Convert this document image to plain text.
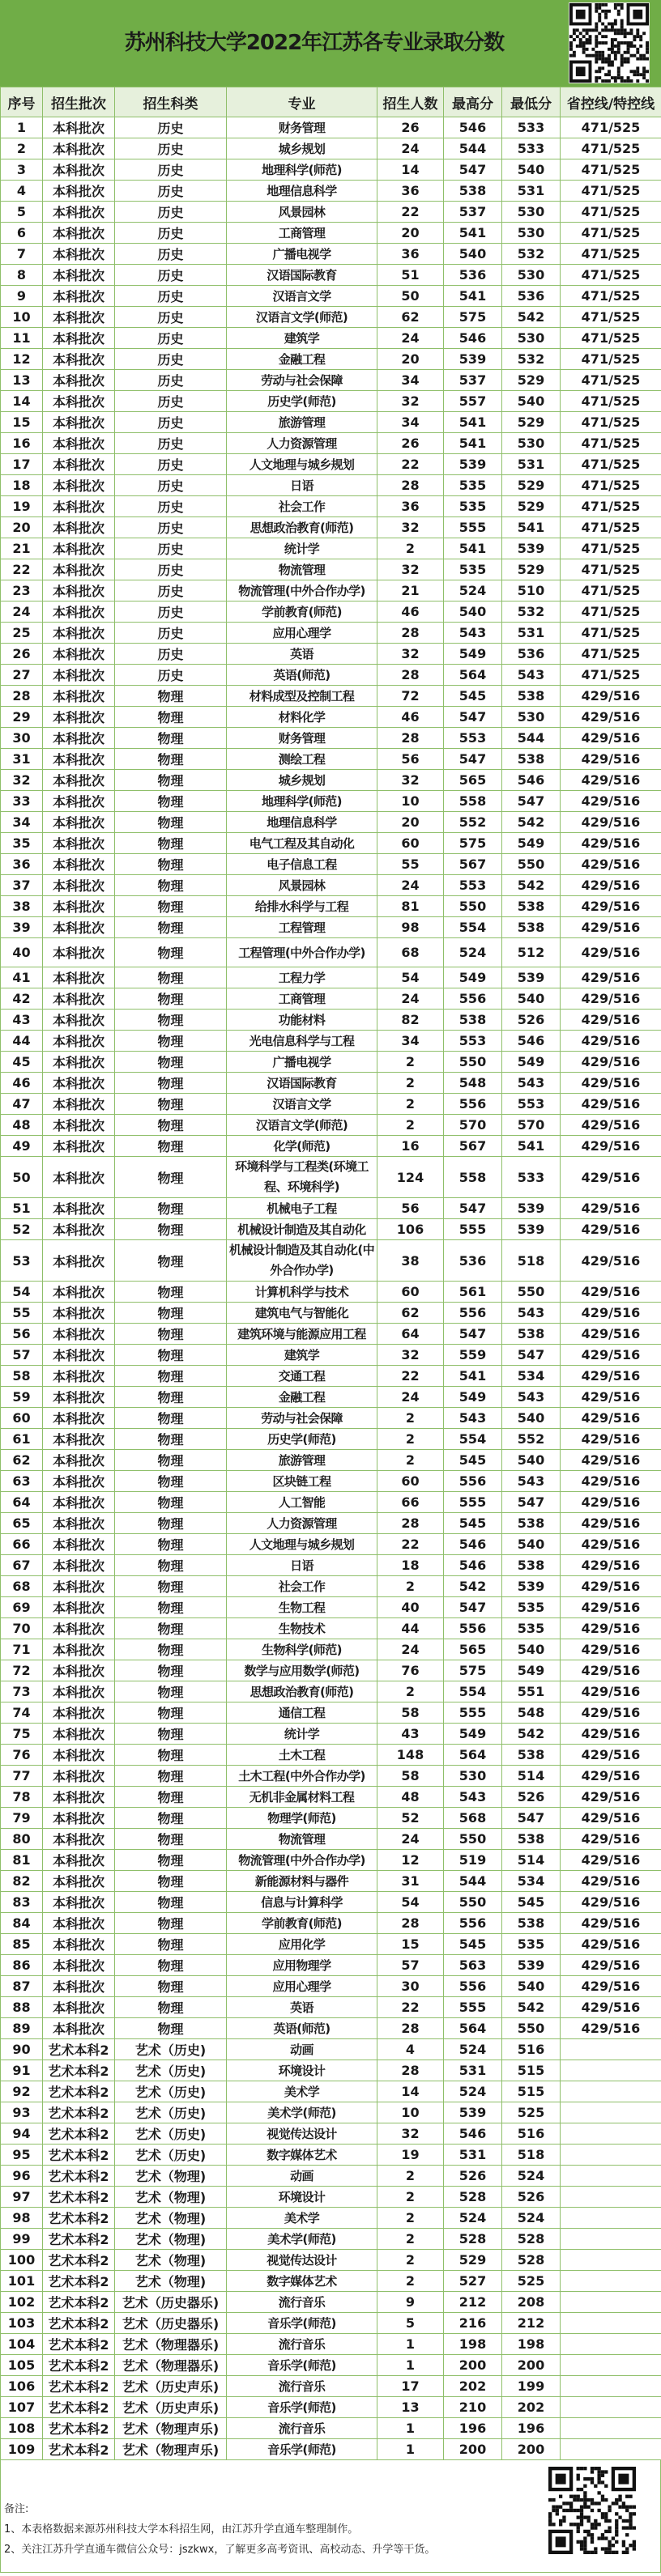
苏州科技大学2022年江苏各专业录取分数
序号	招生批次	招生科类	专业	招生人数	最高分	最低分	省控线/特控线
1	本科批次	历史	财务管理	26	546	533	471/525
2	本科批次	历史	城乡规划	24	544	533	471/525
3	本科批次	历史	地理科学(师范)	14	547	540	471/525
4	本科批次	历史	地理信息科学	36	538	531	471/525
5	本科批次	历史	风景园林	22	537	530	471/525
6	本科批次	历史	工商管理	20	541	530	471/525
7	本科批次	历史	广播电视学	36	540	532	471/525
8	本科批次	历史	汉语国际教育	51	536	530	471/525
9	本科批次	历史	汉语言文学	50	541	536	471/525
10	本科批次	历史	汉语言文学(师范)	62	575	542	471/525
11	本科批次	历史	建筑学	24	546	530	471/525
12	本科批次	历史	金融工程	20	539	532	471/525
13	本科批次	历史	劳动与社会保障	34	537	529	471/525
14	本科批次	历史	历史学(师范)	32	557	540	471/525
15	本科批次	历史	旅游管理	34	541	529	471/525
16	本科批次	历史	人力资源管理	26	541	530	471/525
17	本科批次	历史	人文地理与城乡规划	22	539	531	471/525
18	本科批次	历史	日语	28	535	529	471/525
19	本科批次	历史	社会工作	36	535	529	471/525
20	本科批次	历史	思想政治教育(师范)	32	555	541	471/525
21	本科批次	历史	统计学	2	541	539	471/525
22	本科批次	历史	物流管理	32	535	529	471/525
23	本科批次	历史	物流管理(中外合作办学)	21	524	510	471/525
24	本科批次	历史	学前教育(师范)	46	540	532	471/525
25	本科批次	历史	应用心理学	28	543	531	471/525
26	本科批次	历史	英语	32	549	536	471/525
27	本科批次	历史	英语(师范)	28	564	543	471/525
28	本科批次	物理	材料成型及控制工程	72	545	538	429/516
29	本科批次	物理	材料化学	46	547	530	429/516
30	本科批次	物理	财务管理	28	553	544	429/516
31	本科批次	物理	测绘工程	56	547	538	429/516
32	本科批次	物理	城乡规划	32	565	546	429/516
33	本科批次	物理	地理科学(师范)	10	558	547	429/516
34	本科批次	物理	地理信息科学	20	552	542	429/516
35	本科批次	物理	电气工程及其自动化	60	575	549	429/516
36	本科批次	物理	电子信息工程	55	567	550	429/516
37	本科批次	物理	风景园林	24	553	542	429/516
38	本科批次	物理	给排水科学与工程	81	550	538	429/516
39	本科批次	物理	工程管理	98	554	538	429/516
40	本科批次	物理	工程管理(中外合作办学)	68	524	512	429/516
41	本科批次	物理	工程力学	54	549	539	429/516
42	本科批次	物理	工商管理	24	556	540	429/516
43	本科批次	物理	功能材料	82	538	526	429/516
44	本科批次	物理	光电信息科学与工程	34	553	546	429/516
45	本科批次	物理	广播电视学	2	550	549	429/516
46	本科批次	物理	汉语国际教育	2	548	543	429/516
47	本科批次	物理	汉语言文学	2	556	553	429/516
48	本科批次	物理	汉语言文学(师范)	2	570	570	429/516
49	本科批次	物理	化学(师范)	16	567	541	429/516
50	本科批次	物理	环境科学与工程类(环境工程、环境科学)	124	558	533	429/516
51	本科批次	物理	机械电子工程	56	547	539	429/516
52	本科批次	物理	机械设计制造及其自动化	106	555	539	429/516
53	本科批次	物理	机械设计制造及其自动化(中外合作办学)	38	536	518	429/516
54	本科批次	物理	计算机科学与技术	60	561	550	429/516
55	本科批次	物理	建筑电气与智能化	62	556	543	429/516
56	本科批次	物理	建筑环境与能源应用工程	64	547	538	429/516
57	本科批次	物理	建筑学	32	559	547	429/516
58	本科批次	物理	交通工程	22	541	534	429/516
59	本科批次	物理	金融工程	24	549	543	429/516
60	本科批次	物理	劳动与社会保障	2	543	540	429/516
61	本科批次	物理	历史学(师范)	2	554	552	429/516
62	本科批次	物理	旅游管理	2	545	540	429/516
63	本科批次	物理	区块链工程	60	556	543	429/516
64	本科批次	物理	人工智能	66	555	547	429/516
65	本科批次	物理	人力资源管理	28	545	538	429/516
66	本科批次	物理	人文地理与城乡规划	22	546	540	429/516
67	本科批次	物理	日语	18	546	538	429/516
68	本科批次	物理	社会工作	2	542	539	429/516
69	本科批次	物理	生物工程	40	547	535	429/516
70	本科批次	物理	生物技术	44	556	535	429/516
71	本科批次	物理	生物科学(师范)	24	565	540	429/516
72	本科批次	物理	数学与应用数学(师范)	76	575	549	429/516
73	本科批次	物理	思想政治教育(师范)	2	554	551	429/516
74	本科批次	物理	通信工程	58	555	548	429/516
75	本科批次	物理	统计学	43	549	542	429/516
76	本科批次	物理	土木工程	148	564	538	429/516
77	本科批次	物理	土木工程(中外合作办学)	58	530	514	429/516
78	本科批次	物理	无机非金属材料工程	48	543	526	429/516
79	本科批次	物理	物理学(师范)	52	568	547	429/516
80	本科批次	物理	物流管理	24	550	538	429/516
81	本科批次	物理	物流管理(中外合作办学)	12	519	514	429/516
82	本科批次	物理	新能源材料与器件	31	544	534	429/516
83	本科批次	物理	信息与计算科学	54	550	545	429/516
84	本科批次	物理	学前教育(师范)	28	556	538	429/516
85	本科批次	物理	应用化学	15	545	535	429/516
86	本科批次	物理	应用物理学	57	563	539	429/516
87	本科批次	物理	应用心理学	30	556	540	429/516
88	本科批次	物理	英语	22	555	542	429/516
89	本科批次	物理	英语(师范)	28	564	550	429/516
90	艺术本科2	艺术（历史)	动画	4	524	516	
91	艺术本科2	艺术（历史)	环境设计	28	531	515	
92	艺术本科2	艺术（历史)	美术学	14	524	515	
93	艺术本科2	艺术（历史)	美术学(师范)	10	539	525	
94	艺术本科2	艺术（历史)	视觉传达设计	32	546	516	
95	艺术本科2	艺术（历史)	数字媒体艺术	19	531	518	
96	艺术本科2	艺术（物理)	动画	2	526	524	
97	艺术本科2	艺术（物理)	环境设计	2	528	526	
98	艺术本科2	艺术（物理)	美术学	2	524	524	
99	艺术本科2	艺术（物理)	美术学(师范)	2	528	528	
100	艺术本科2	艺术（物理)	视觉传达设计	2	529	528	
101	艺术本科2	艺术（物理)	数字媒体艺术	2	527	525	
102	艺术本科2	艺术（历史器乐)	流行音乐	9	212	208	
103	艺术本科2	艺术（历史器乐)	音乐学(师范)	5	216	212	
104	艺术本科2	艺术（物理器乐)	流行音乐	1	198	198	
105	艺术本科2	艺术（物理器乐)	音乐学(师范)	1	200	200	
106	艺术本科2	艺术（历史声乐)	流行音乐	17	202	199	
107	艺术本科2	艺术（历史声乐)	音乐学(师范)	13	210	202	
108	艺术本科2	艺术（物理声乐)	流行音乐	1	196	196	
109	艺术本科2	艺术（物理声乐)	音乐学(师范)	1	200	200	
备注:
1、本表格数据来源苏州科技大学本科招生网，由江苏升学直通车整理制作。
2、关注江苏升学直通车微信公众号：jszkwx，了解更多高考资讯、高校动态、升学等干货。
